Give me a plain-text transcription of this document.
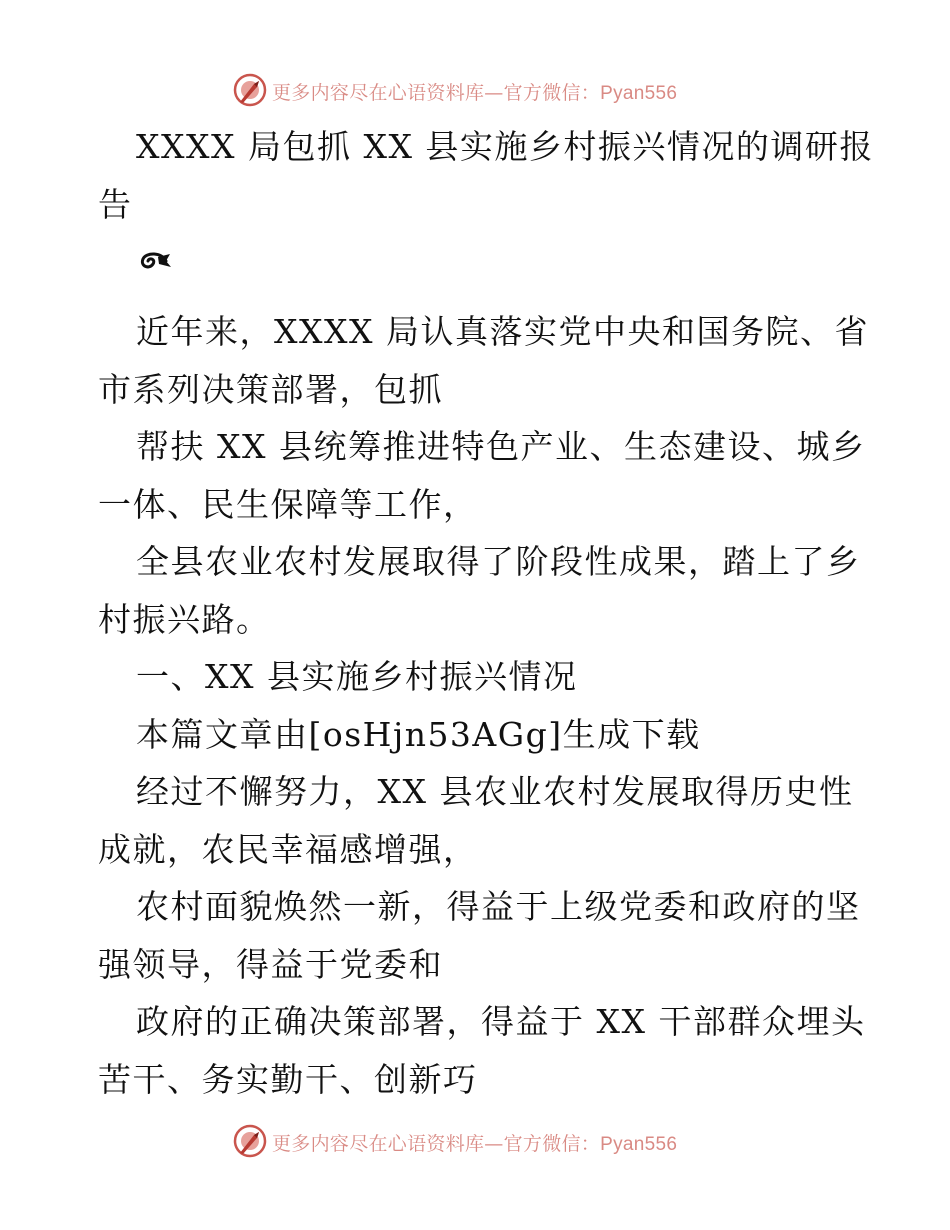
更多内容尽在心语资料库—官方微信：Pyan556
XXXX 局包抓 XX 县实施乡村振兴情况的调研报
告
近年来，XXXX 局认真落实党中央和国务院、省
市系列决策部署，包抓
帮扶 XX 县统筹推进特色产业、生态建设、城乡
一体、民生保障等工作，
全县农业农村发展取得了阶段性成果，踏上了乡
村振兴路。
一、XX 县实施乡村振兴情况
本篇文章由[osHjn53AGg]生成下载
经过不懈努力，XX 县农业农村发展取得历史性
成就，农民幸福感增强，
农村面貌焕然一新，得益于上级党委和政府的坚
强领导，得益于党委和
政府的正确决策部署，得益于 XX 干部群众埋头
苦干、务实勤干、创新巧
更多内容尽在心语资料库—官方微信：Pyan556
